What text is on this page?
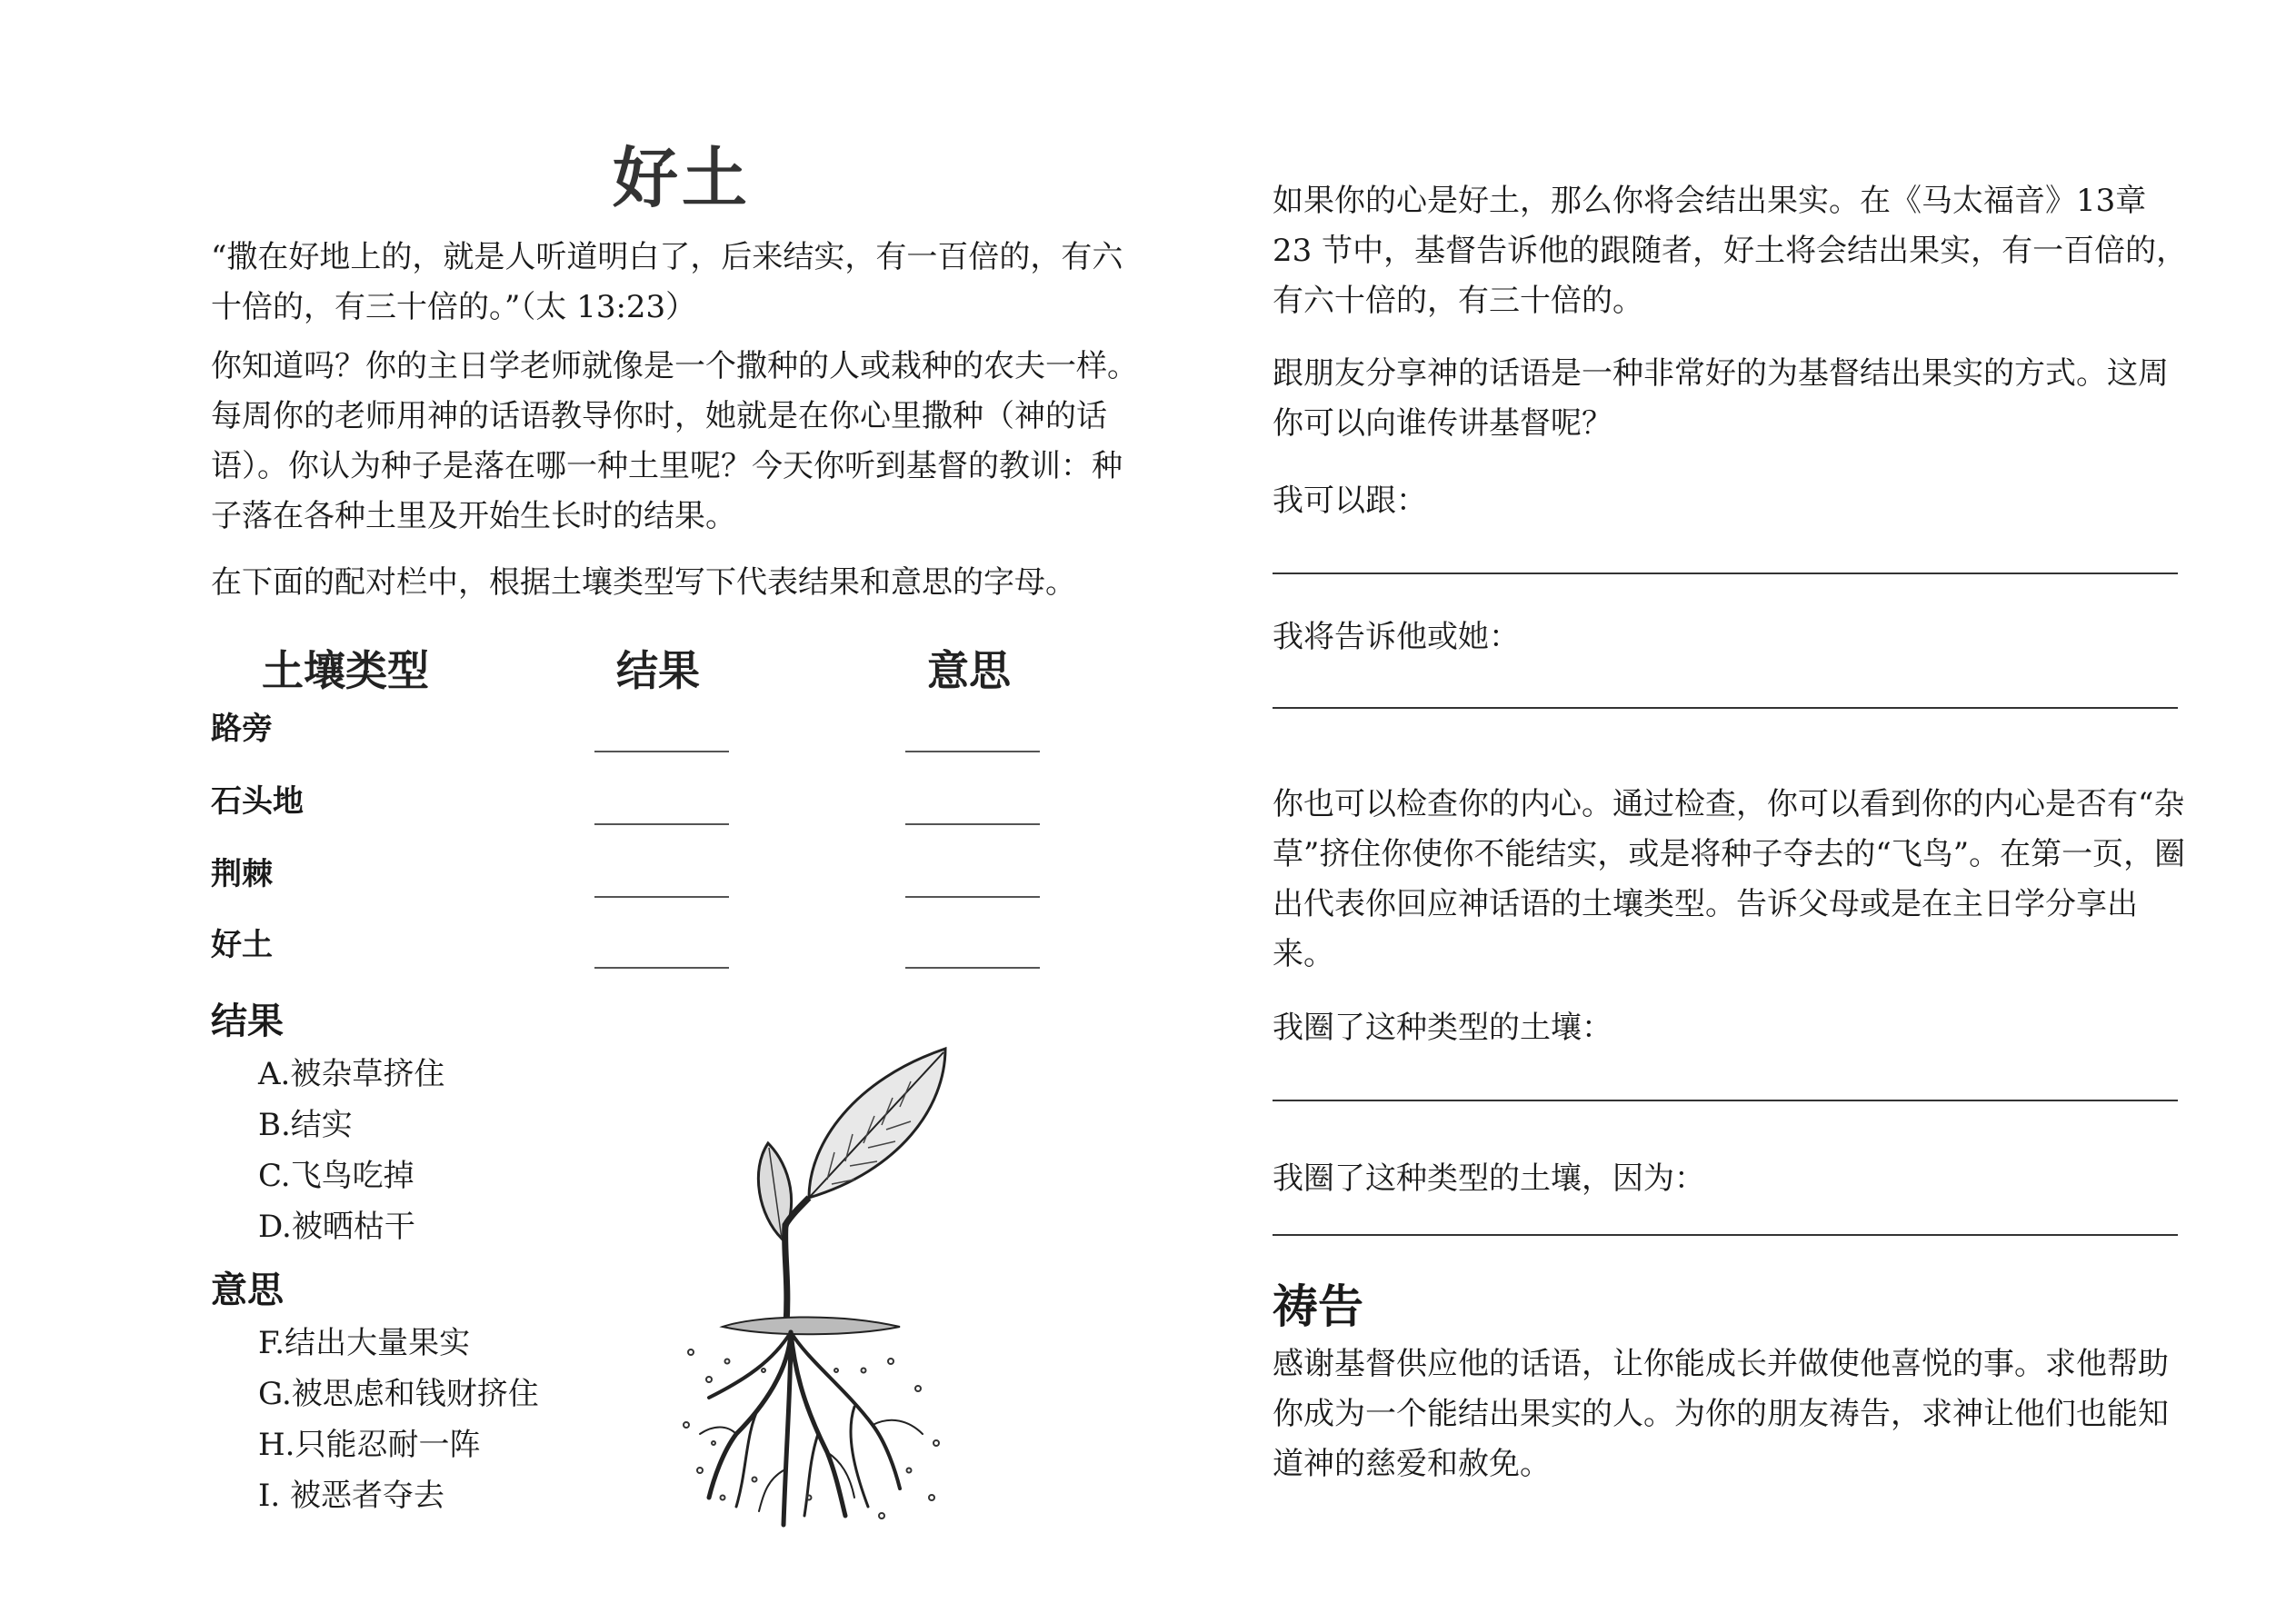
好土

“撒在好地上的，就是人听道明白了，后来结实，有一百倍的，有六十倍的，有三十倍的。”（太 13:23）

你知道吗？你的主日学老师就像是一个撒种的人或栽种的农夫一样。每周你的老师用神的话语教导你时，她就是在你心里撒种（神的话语）。你认为种子是落在哪一种土里呢？今天你听到基督的教训：种子落在各种土里及开始生长时的结果。

在下面的配对栏中，根据土壤类型写下代表结果和意思的字母。

土壤类型	结果	意思
路旁
石头地
荆棘
好土
结果
A.被杂草挤住
B.结实
C.飞鸟吃掉
D.被晒枯干
意思
F.结出大量果实
G.被思虑和钱财挤住
H.只能忍耐一阵
I. 被恶者夺去

如果你的心是好土，那么你将会结出果实。在《马太福音》13章 23 节中，基督告诉他的跟随者，好土将会结出果实，有一百倍的，有六十倍的，有三十倍的。

跟朋友分享神的话语是一种非常好的为基督结出果实的方式。这周你可以向谁传讲基督呢？

我可以跟：
我将告诉他或她：

你也可以检查你的内心。通过检查，你可以看到你的内心是否有“杂草”挤住你使你不能结实，或是将种子夺去的“飞鸟”。在第一页，圈出代表你回应神话语的土壤类型。告诉父母或是在主日学分享出来。

我圈了这种类型的土壤：
我圈了这种类型的土壤，因为：
祷告

感谢基督供应他的话语，让你能成长并做使他喜悦的事。求他帮助你成为一个能结出果实的人。为你的朋友祷告，求神让他们也能知道神的慈爱和赦免。
